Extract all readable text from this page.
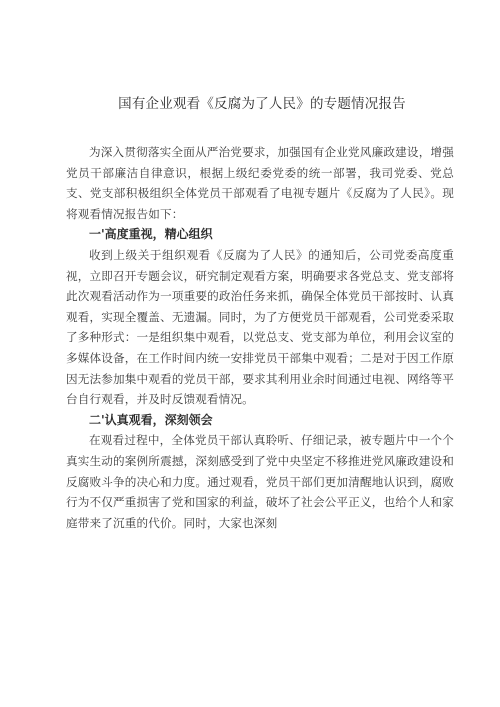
国有企业观看《反腐为了人民》的专题情况报告

为深入贯彻落实全面从严治党要求，加强国有企业党风廉政建设，增强党员干部廉洁自律意识，根据上级纪委党委的统一部署，我司党委、党总支、党支部积极组织全体党员干部观看了电视专题片《反腐为了人民》。现将观看情况报告如下：

一'高度重视，精心组织

收到上级关于组织观看《反腐为了人民》的通知后，公司党委高度重视，立即召开专题会议，研究制定观看方案，明确要求各党总支、党支部将此次观看活动作为一项重要的政治任务来抓，确保全体党员干部按时、认真观看，实现全覆盖、无遗漏。同时，为了方便党员干部观看，公司党委采取了多种形式：一是组织集中观看，以党总支、党支部为单位，利用会议室的多媒体设备，在工作时间内统一安排党员干部集中观看；二是对于因工作原因无法参加集中观看的党员干部，要求其利用业余时间通过电视、网络等平台自行观看，并及时反馈观看情况。

二'认真观看，深刻领会

在观看过程中，全体党员干部认真聆听、仔细记录，被专题片中一个个真实生动的案例所震撼，深刻感受到了党中央坚定不移推进党风廉政建设和反腐败斗争的决心和力度。通过观看，党员干部们更加清醒地认识到，腐败行为不仅严重损害了党和国家的利益，破坏了社会公平正义，也给个人和家庭带来了沉重的代价。同时，大家也深刻
